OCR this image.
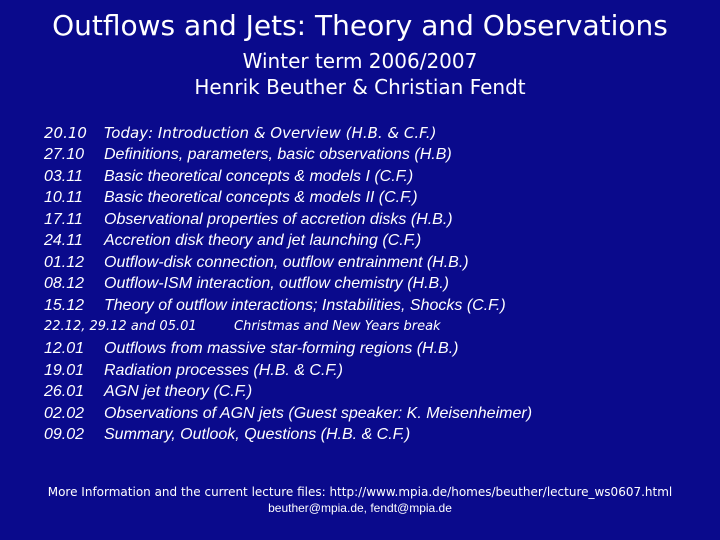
Outflows and Jets: Theory and Observations
Winter term 2006/2007
Henrik Beuther & Christian Fendt
20.10	Today: Introduction & Overview (H.B. & C.F.)
27.10	Definitions, parameters, basic observations (H.B)
03.11	Basic theoretical concepts & models I (C.F.)
10.11	Basic theoretical concepts & models II (C.F.)
17.11	Observational properties of accretion disks (H.B.)
24.11	Accretion disk theory and jet launching (C.F.)
01.12	Outflow-disk connection, outflow entrainment (H.B.)
08.12	Outflow-ISM interaction, outflow chemistry (H.B.)
15.12	Theory of outflow interactions; Instabilities, Shocks (C.F.)
22.12, 29.12 and 05.01	Christmas and New Years break
12.01	Outflows from massive star-forming regions (H.B.)
19.01	Radiation processes (H.B. & C.F.)
26.01	AGN jet theory (C.F.)
02.02	Observations of AGN jets (Guest speaker: K. Meisenheimer)
09.02	Summary, Outlook, Questions (H.B. & C.F.)
More Information and the current lecture files: http://www.mpia.de/homes/beuther/lecture_ws0607.html
beuther@mpia.de, fendt@mpia.de
